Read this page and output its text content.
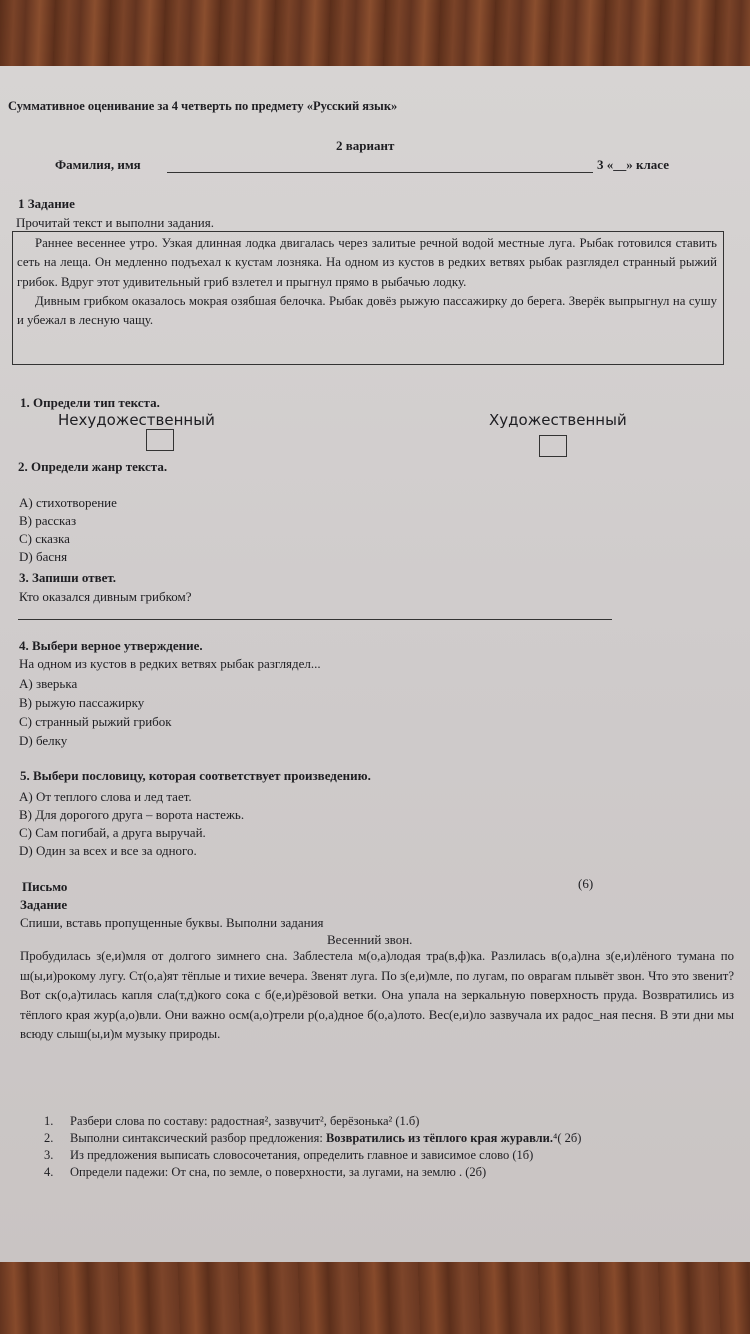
Суммативное оценивание за 4 четверть по предмету «Русский язык»
2 вариант
Фамилия, имя	3 «__» класе
1 Задание
Прочитай текст и выполни задания.

Раннее весеннее утро. Узкая длинная лодка двигалась через залитые речной водой местные луга. Рыбак готовился ставить сеть на леща. Он медленно подъехал к кустам лозняка. На одном из кустов в редких ветвях рыбак разглядел странный рыжий грибок. Вдруг этот удивительный гриб взлетел и прыгнул прямо в рыбачью лодку.

Дивным грибком оказалось мокрая озябшая белочка. Рыбак довёз рыжую пассажирку до берега. Зверёк выпрыгнул на сушу и убежал в лесную чащу.

1. Определи тип текста.
Нехудожественный	Художественный
2. Определи жанр текста.
A) стихотворение
B) рассказ
C) сказка
D) басня
3. Запиши ответ.
Кто оказался дивным грибком?
4. Выбери верное утверждение.
На одном из кустов в редких ветвях рыбак разглядел...
A) зверька
B) рыжую пассажирку
C) странный рыжий грибок
D) белку
5. Выбери пословицу, которая соответствует произведению.
A) От теплого слова и лед тает.
B) Для дорогого друга – ворота настежь.
C) Сам погибай, а друга выручай.
D) Один за всех и все за одного.
Письмо	(6)
Задание
Спиши, вставь пропущенные буквы. Выполни задания
Весенний звон.
Пробудилась з(е,и)мля от долгого зимнего сна. Заблестела м(о,а)лодая тра(в,ф)ка. Разлилась в(о,а)лна з(е,и)лёного тумана по ш(ы,и)рокому лугу. Ст(о,а)ят тёплые и тихие вечера. Звенят луга. По з(е,и)мле, по лугам, по оврагам плывёт звон. Что это звенит? Вот ск(о,а)тилась капля сла(т,д)кого сока с б(е,и)рёзовой ветки. Она упала на зеркальную поверхность пруда. Возвратились из тёплого края жур(а,о)вли. Они важно осм(а,о)трели р(о,а)дное б(о,а)лото. Вес(е,и)ло зазвучала их радос_ная песня. В эти дни мы всюду слыш(ы,и)м музыку природы.
1.	Разбери слова по составу: радостная², зазвучит², берёзонька² (1.б)
2.	Выполни синтаксический разбор предложения: Возвратились из тёплого края журавли.⁴( 2б)
3.	Из предложения выписать словосочетания, определить главное и зависимое слово (1б)
4.	Определи падежи: От сна, по земле, о поверхности, за лугами, на землю . (2б)
